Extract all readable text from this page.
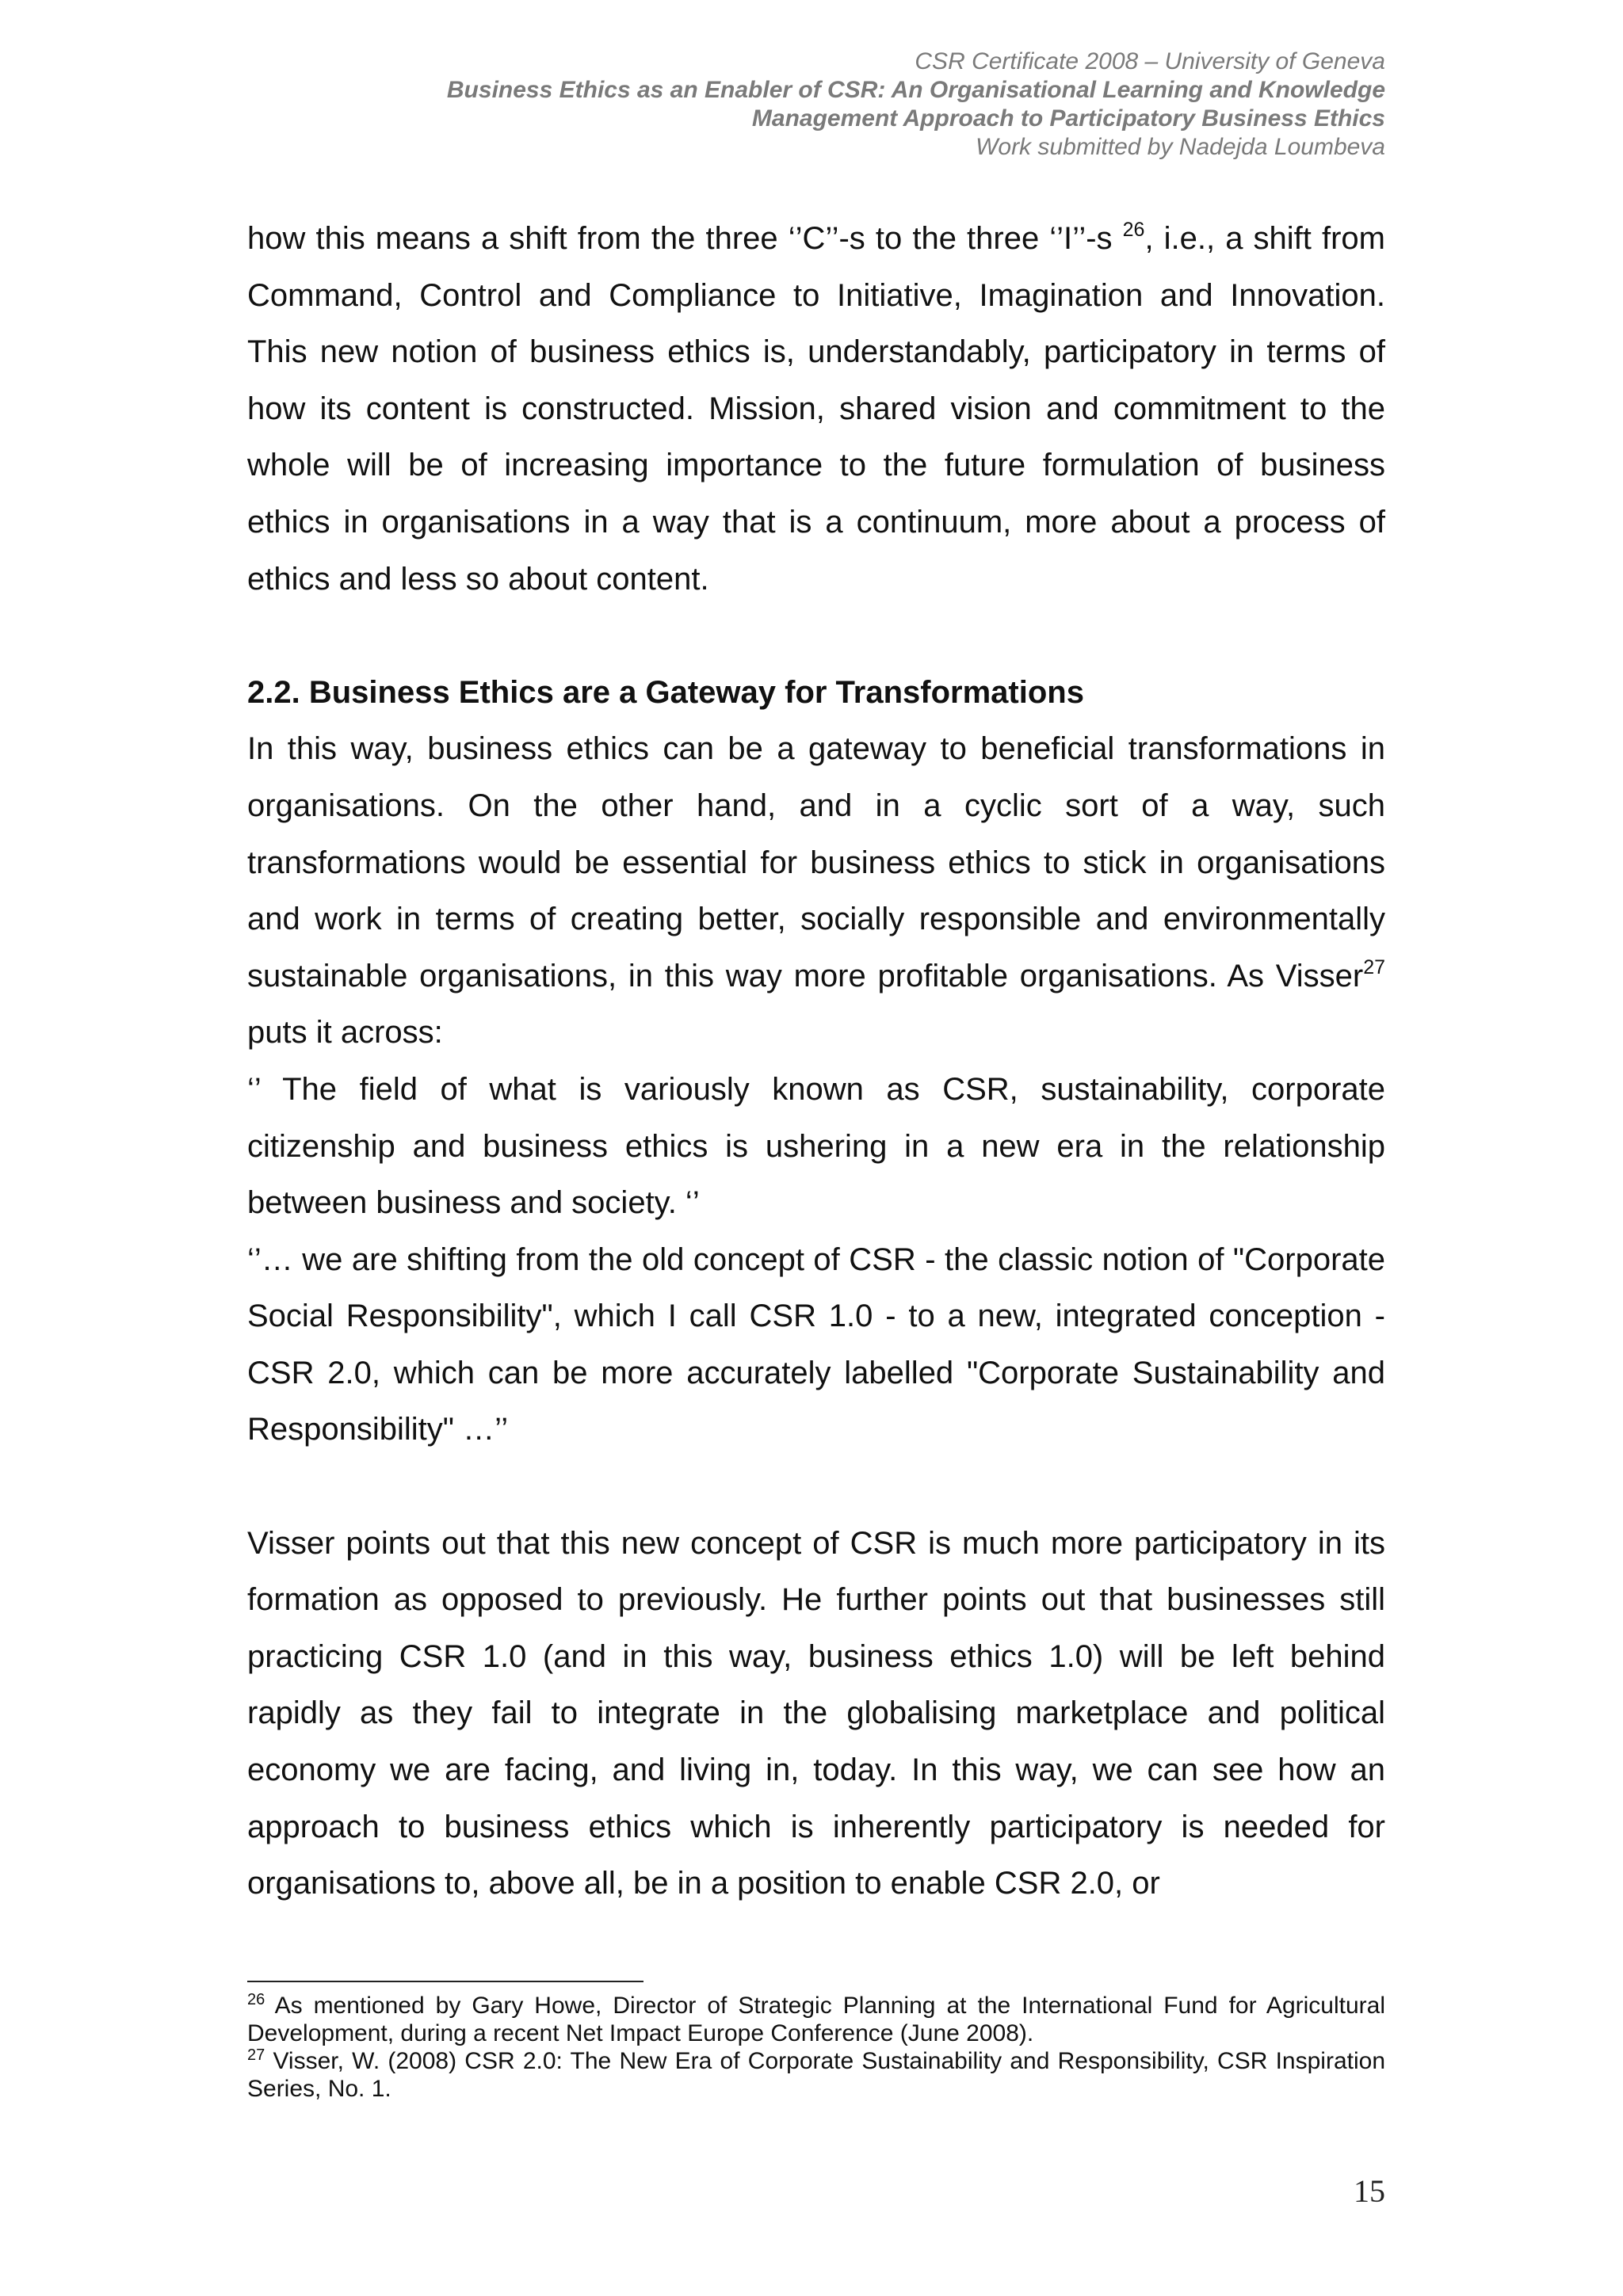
CSR Certificate 2008 – University of Geneva
Business Ethics as an Enabler of CSR: An Organisational Learning and Knowledge
Management Approach to Participatory Business Ethics
Work submitted by Nadejda Loumbeva

how this means a shift from the three ‘’C’’-s to the three ‘’I’’-s $^{26}$, i.e., a shift from Command, Control and Compliance to Initiative, Imagination and Innovation. This new notion of business ethics is, understandably, participatory in terms of how its content is constructed. Mission, shared vision and commitment to the whole will be of increasing importance to the future formulation of business ethics in organisations in a way that is a continuum, more about a process of ethics and less so about content.

2.2. Business Ethics are a Gateway for Transformations

In this way, business ethics can be a gateway to beneficial transformations in organisations. On the other hand, and in a cyclic sort of a way, such transformations would be essential for business ethics to stick in organisations and work in terms of creating better, socially responsible and environmentally sustainable organisations, in this way more profitable organisations. As Visser$^{27}$ puts it across:

‘’ The field of what is variously known as CSR, sustainability, corporate citizenship and business ethics is ushering in a new era in the relationship between business and society. ‘’

‘’… we are shifting from the old concept of CSR - the classic notion of "Corporate Social Responsibility", which I call CSR 1.0 - to a new, integrated conception - CSR 2.0, which can be more accurately labelled "Corporate Sustainability and Responsibility" …’’

Visser points out that this new concept of CSR is much more participatory in its formation as opposed to previously. He further points out that businesses still practicing CSR 1.0 (and in this way, business ethics 1.0) will be left behind rapidly as they fail to integrate in the globalising marketplace and political economy we are facing, and living in, today. In this way, we can see how an approach to business ethics which is inherently participatory is needed for organisations to, above all, be in a position to enable CSR 2.0, or

$^{26}$ As mentioned by Gary Howe, Director of Strategic Planning at the International Fund for Agricultural Development, during a recent Net Impact Europe Conference (June 2008).

$^{27}$ Visser, W. (2008) CSR 2.0: The New Era of Corporate Sustainability and Responsibility, CSR Inspiration Series, No. 1.

15
